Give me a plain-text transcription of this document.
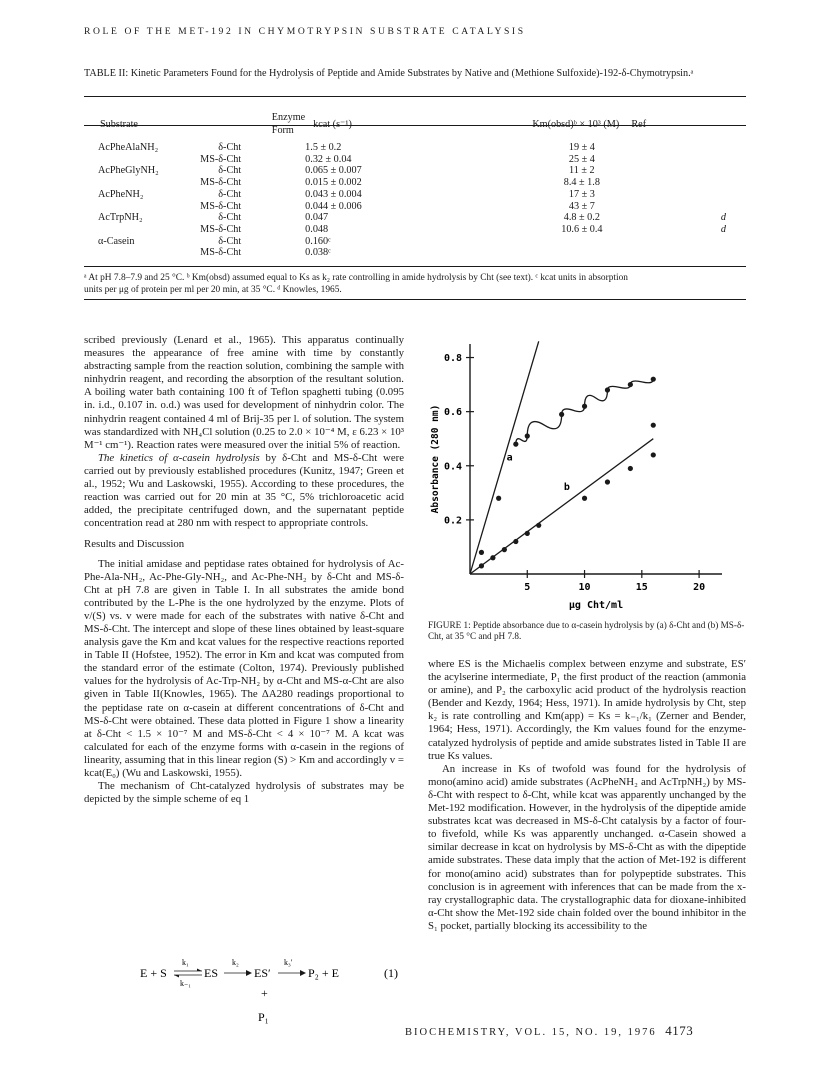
ROLE OF THE MET-192 IN CHYMOTRYPSIN SUBSTRATE CATALYSIS
TABLE II: Kinetic Parameters Found for the Hydrolysis of Peptide and Amide Substrates by Native and (Methione Sulfoxide)-192-δ-Chymotrypsin.ᵃ
Substrate	Enzyme Form	kcat (s⁻¹)	Km(obsd)ᵇ × 10³ (M)	Ref
AcPheAlaNH₂	δ-Cht	1.5 ± 0.2	19 ± 4	
	MS-δ-Cht	0.32 ± 0.04	25 ± 4	
AcPheGlyNH₂	δ-Cht	0.065 ± 0.007	11 ± 2	
	MS-δ-Cht	0.015 ± 0.002	8.4 ± 1.8	
AcPheNH₂	δ-Cht	0.043 ± 0.004	17 ± 3	
	MS-δ-Cht	0.044 ± 0.006	43 ± 7	
AcTrpNH₂	δ-Cht	0.047	4.8 ± 0.2	d
	MS-δ-Cht	0.048	10.6 ± 0.4	d
α-Casein	δ-Cht	0.160ᶜ		
	MS-δ-Cht	0.038ᶜ		
ᵃ At pH 7.8–7.9 and 25 °C. ᵇ Km(obsd) assumed equal to Ks as k₂ rate controlling in amide hydrolysis by Cht (see text). ᶜ kcat units in absorption
units per μg of protein per ml per 20 min, at 35 °C. ᵈ Knowles, 1965.

scribed previously (Lenard et al., 1965). This apparatus continually measures the appearance of free amine with time by constantly abstracting sample from the reaction solution, combining the sample with ninhydrin reagent, and recording the absorption of the resultant solution. A boiling water bath containing 100 ft of Teflon spaghetti tubing (0.095 in. i.d., 0.107 in. o.d.) was used for development of ninhydrin color. The ninhydrin reagent contained 4 ml of Brij-35 per l. of solution. The system was standardized with NH₄Cl solution (0.25 to 2.0 × 10⁻⁴ M, ε 6.23 × 10³ M⁻¹ cm⁻¹). Reaction rates were measured over the initial 5% of reaction.

The kinetics of α-casein hydrolysis by δ-Cht and MS-δ-Cht were carried out by previously established procedures (Kunitz, 1947; Green et al., 1952; Wu and Laskowski, 1955). According to these procedures, the reaction was carried out for 20 min at 35 °C, 5% trichloroacetic acid added, the precipitate centrifuged down, and the supernatant peptide concentration read at 280 nm with respect to appropriate controls.

Results and Discussion

The initial amidase and peptidase rates obtained for hydrolysis of Ac-Phe-Ala-NH₂, Ac-Phe-Gly-NH₂, and Ac-Phe-NH₂ by δ-Cht and MS-δ-Cht at pH 7.8 are given in Table I. In all substrates the amide bond contributed by the L-Phe is the one hydrolyzed by the enzyme. Plots of v/(S) vs. v were made for each of the substrates with native δ-Cht and MS-δ-Cht. The intercept and slope of these lines obtained by least-square analysis gave the Km and kcat values for the respective reactions reported in Table II (Hofstee, 1952). The error in Km and kcat was computed from the standard error of the estimate (Colton, 1974). Previously published values for the hydrolysis of Ac-Trp-NH₂ by α-Cht and MS-α-Cht are also given in Table II(Knowles, 1965). The ΔA280 readings proportional to the peptidase rate on α-casein at different concentrations of δ-Cht and MS-δ-Cht were obtained. These data plotted in Figure 1 show a linearity at δ-Cht < 1.5 × 10⁻⁷ M and MS-δ-Cht < 4 × 10⁻⁷ M. A kcat was calculated for each of the enzyme forms with α-casein in the regions of linearity, assuming that in this linear region (S) > Km and accordingly v = kcat(E₀) (Wu and Laskowski, 1955).

The mechanism of Cht-catalyzed hydrolysis of substrates may be depicted by the simple scheme of eq 1

E + S
k₁
k₋₁
ES
k₂
ES′
k₃′
P₂ + E	(1)
+
P₁
0.2
0.4
0.6
0.8
5	10	15	20
Absorbance (280 nm)
μg Cht/ml
a
b
FIGURE 1: Peptide absorbance due to α-casein hydrolysis by (a) δ-Cht and (b) MS-δ-Cht, at 35 °C and pH 7.8.

where ES is the Michaelis complex between enzyme and substrate, ES′ the acylserine intermediate, P₁ the first product of the reaction (ammonia or amine), and P₂ the carboxylic acid product of the hydrolysis reaction (Bender and Kezdy, 1964; Hess, 1971). In amide hydrolysis by Cht, step k₂ is rate controlling and Km(app) = Ks = k₋₁/k₁ (Zerner and Bender, 1964; Hess, 1971). Accordingly, the Km values found for the enzyme-catalyzed hydrolysis of peptide and amide substrates listed in Table II are true Ks values.

An increase in Ks of twofold was found for the hydrolysis of mono(amino acid) amide substrates (AcPheNH₂ and AcTrpNH₂) by MS-δ-Cht with respect to δ-Cht, while kcat was apparently unchanged by the Met-192 modification. However, in the hydrolysis of the dipeptide amide substrates kcat was decreased in MS-δ-Cht catalysis by a factor of four- to fivefold, while Ks was apparently unchanged. α-Casein showed a similar decrease in kcat on hydrolysis by MS-δ-Cht as with the dipeptide amide substrates. These data imply that the action of Met-192 is different for mono(amino acid) substrates than for polypeptide substrates. This conclusion is in agreement with inferences that can be made from the x-ray crystallographic data. The crystallographic data for dioxane-inhibited α-Cht show the Met-192 side chain folded over the bound inhibitor in the S₁ pocket, partially blocking its accessibility to the

BIOCHEMISTRY, VOL. 15, NO. 19, 1976 4173
